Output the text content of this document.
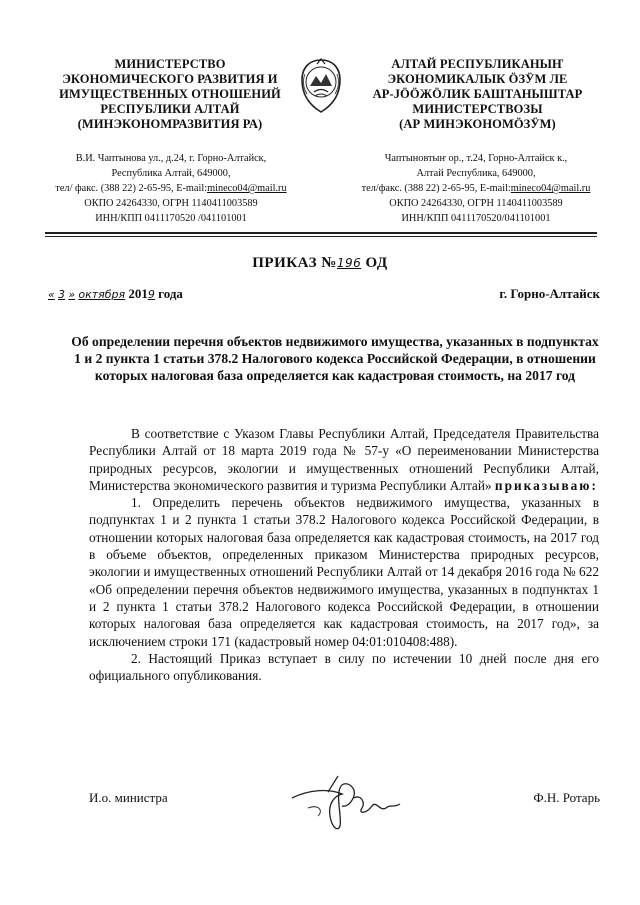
МИНИСТЕРСТВО
ЭКОНОМИЧЕСКОГО РАЗВИТИЯ И
ИМУЩЕСТВЕННЫХ ОТНОШЕНИЙ
РЕСПУБЛИКИ АЛТАЙ
(МИНЭКОНОМРАЗВИТИЯ РА)
АЛТАЙ РЕСПУБЛИКАНЫҤ
ЭКОНОМИКАЛЫК ӦЗӰМ ЛЕ
АР-ЈӦӦЖӦЛИК БАШТАНЫШТАР
МИНИСТЕРСТВОЗЫ
(АР МИНЭКОНОМӦЗӰМ)
В.И. Чаптынова ул., д.24, г. Горно-Алтайск,
Республика Алтай, 649000,
тел/ факс. (388 22) 2-65-95, E-mail:mineco04@mail.ru
ОКПО 24264330, ОГРН 1140411003589
ИНН/КПП 0411170520 /041101001
Чаптыновтыҥ ор., т.24, Горно-Алтайск к.,
Алтай Республика, 649000,
тел/факс. (388 22) 2-65-95, E-mail:mineco04@mail.ru
ОКПО 24264330, ОГРН 1140411003589
ИНН/КПП 0411170520/041101001
ПРИКАЗ №196 ОД
« 3 » октября 2019 года	г. Горно-Алтайск
Об определении перечня объектов недвижимого имущества, указанных в подпунктах 1 и 2 пункта 1 статьи 378.2 Налогового кодекса Российской Федерации, в отношении которых налоговая база определяется как кадастровая стоимость, на 2017 год

В соответствие с Указом Главы Республики Алтай, Председателя Правительства Республики Алтай от 18 марта 2019 года № 57-у «О переименовании Министерства природных ресурсов, экологии и имущественных отношений Республики Алтай, Министерства экономического развития и туризма Республики Алтай» приказываю:

1. Определить перечень объектов недвижимого имущества, указанных в подпунктах 1 и 2 пункта 1 статьи 378.2 Налогового кодекса Российской Федерации, в отношении которых налоговая база определяется как кадастровая стоимость, на 2017 год в объеме объектов, определенных приказом Министерства природных ресурсов, экологии и имущественных отношений Республики Алтай от 14 декабря 2016 года № 622 «Об определении перечня объектов недвижимого имущества, указанных в подпунктах 1 и 2 пункта 1 статьи 378.2 Налогового кодекса Российской Федерации, в отношении которых налоговая база определяется как кадастровая стоимость, на 2017 год», за исключением строки 171 (кадастровый номер 04:01:010408:488).

2. Настоящий Приказ вступает в силу по истечении 10 дней после дня его официального опубликования.

И.о. министра	Ф.Н. Ротарь
